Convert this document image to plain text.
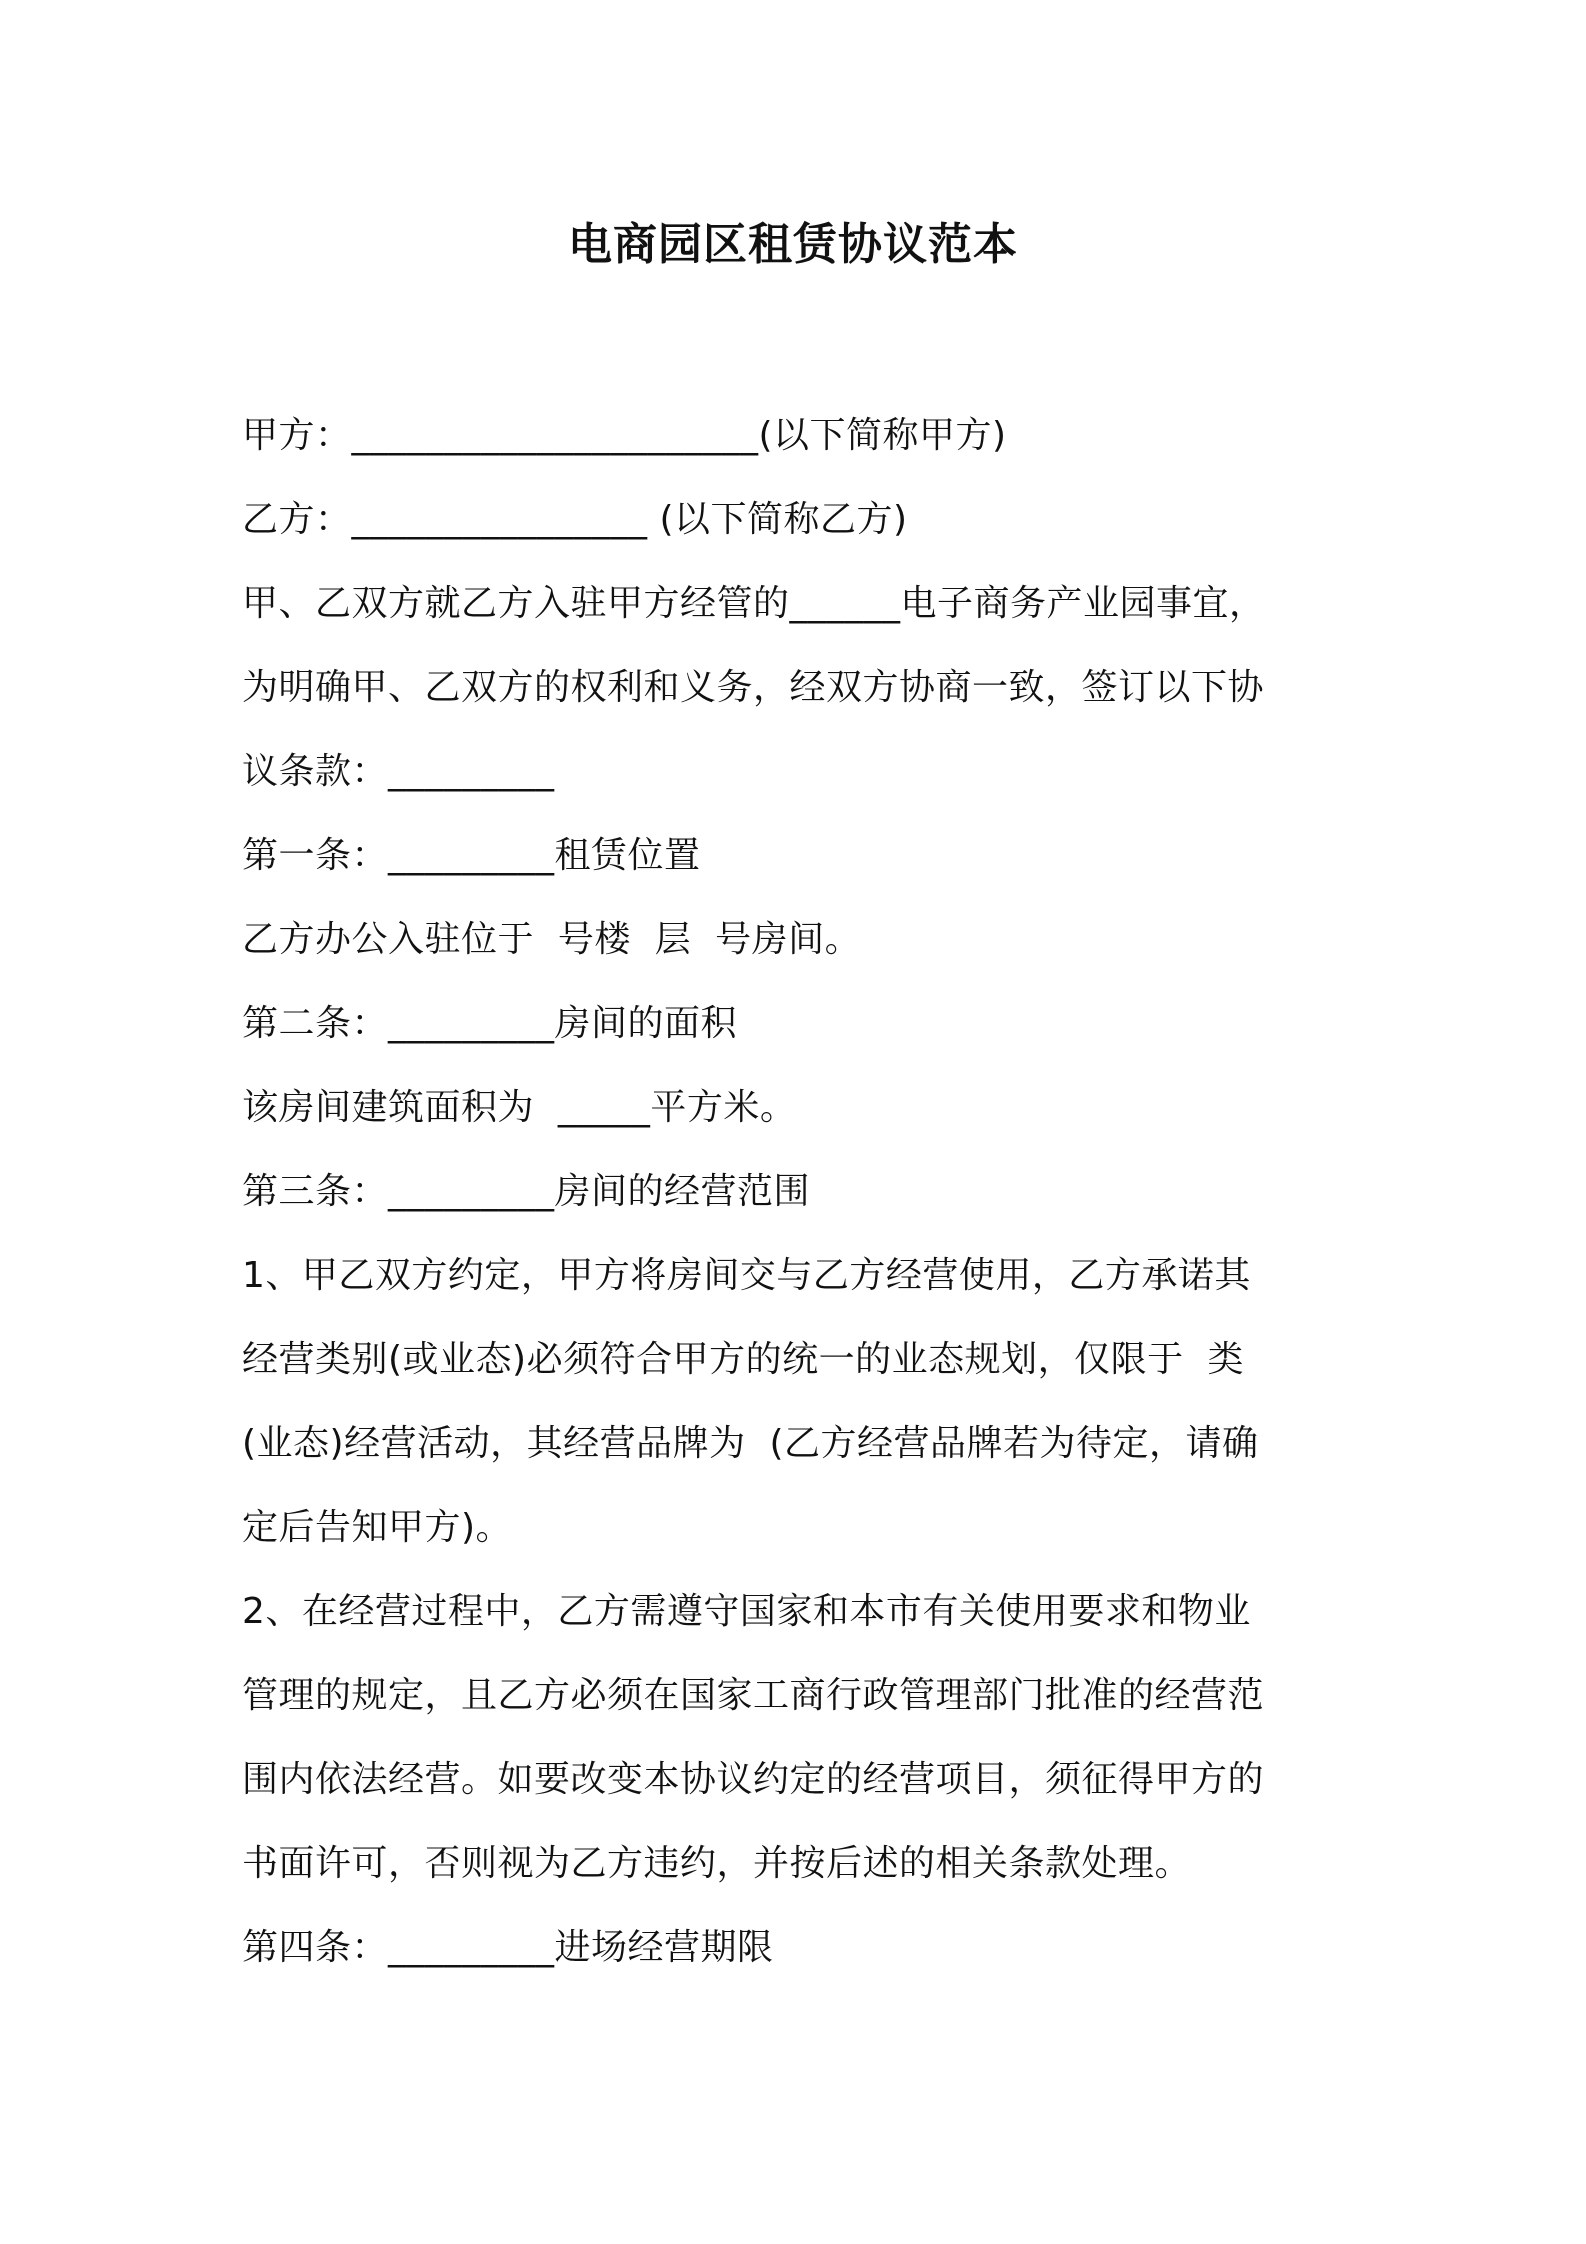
电商园区租赁协议范本
甲方：______________________(以下简称甲方)
乙方：________________ (以下简称乙方)
甲、乙双方就乙方入驻甲方经管的______电子商务产业园事宜，
为明确甲、乙双方的权利和义务，经双方协商一致，签订以下协
议条款：_________
第一条：_________租赁位置
乙方办公入驻位于  号楼  层  号房间。
第二条：_________房间的面积
该房间建筑面积为  _____平方米。
第三条：_________房间的经营范围
1、甲乙双方约定，甲方将房间交与乙方经营使用，乙方承诺其
经营类别(或业态)必须符合甲方的统一的业态规划，仅限于  类
(业态)经营活动，其经营品牌为  (乙方经营品牌若为待定，请确
定后告知甲方)。
2、在经营过程中，乙方需遵守国家和本市有关使用要求和物业
管理的规定，且乙方必须在国家工商行政管理部门批准的经营范
围内依法经营。如要改变本协议约定的经营项目，须征得甲方的
书面许可，否则视为乙方违约，并按后述的相关条款处理。
第四条：_________进场经营期限
